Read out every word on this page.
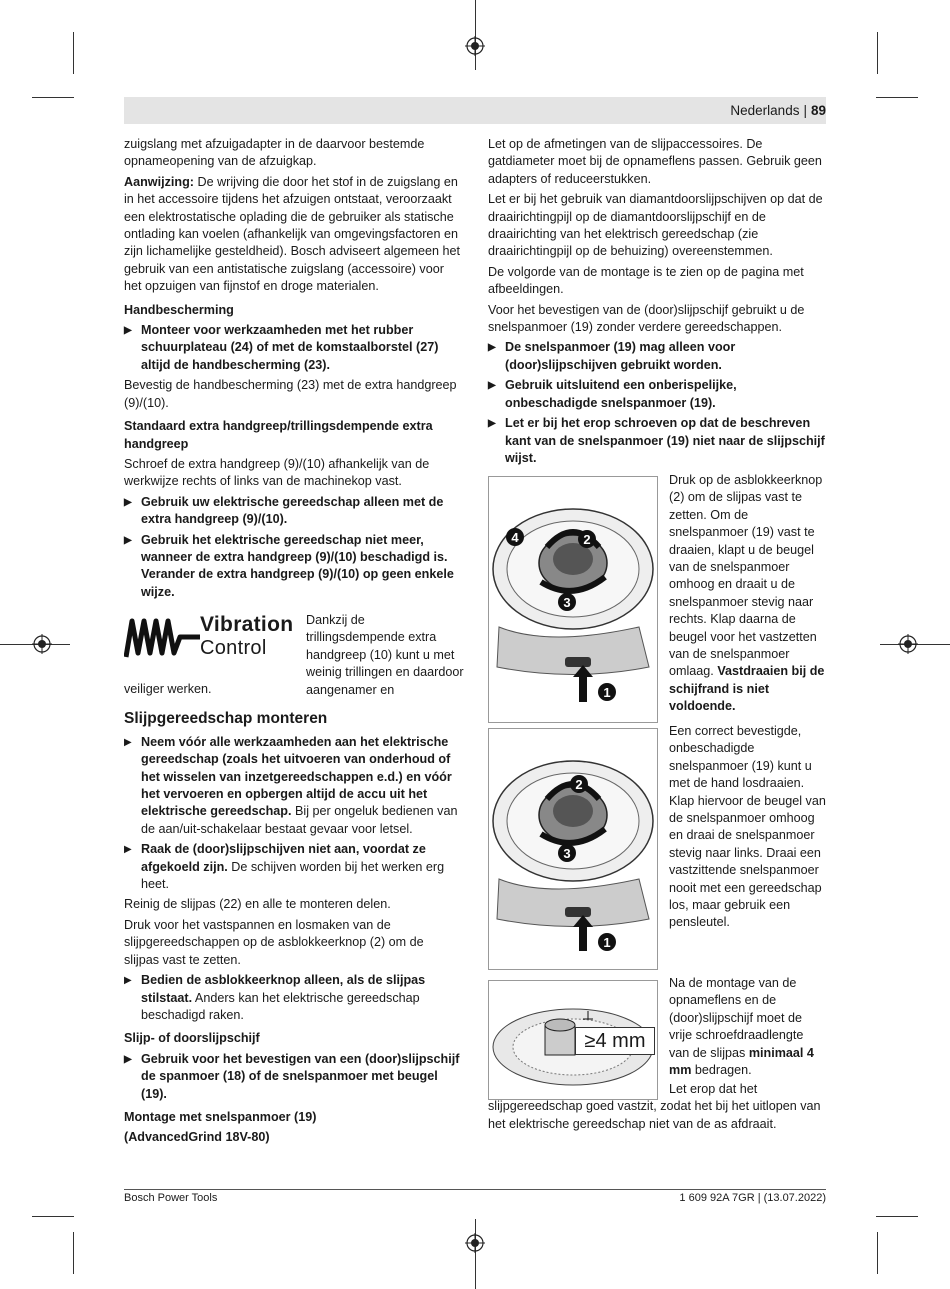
Nederlands | 89

zuigslang met afzuigadapter in de daarvoor bestemde opnameopening van de afzuigkap.

Aanwijzing: De wrijving die door het stof in de zuigslang en in het accessoire tijdens het afzuigen ontstaat, veroorzaakt een elektrostatische oplading die de gebruiker als statische ontlading kan voelen (afhankelijk van omgevingsfactoren en zijn lichamelijke gesteldheid). Bosch adviseert algemeen het gebruik van een antistatische zuigslang (accessoire) voor het opzuigen van fijnstof en droge materialen.

Handbescherming

▶ Monteer voor werkzaamheden met het rubber schuurplateau (24) of met de komstaalborstel (27) altijd de handbescherming (23).

Bevestig de handbescherming (23) met de extra handgreep (9)/(10).

Standaard extra handgreep/trillingsdempende extra handgreep

Schroef de extra handgreep (9)/(10) afhankelijk van de werkwijze rechts of links van de machinekop vast.

▶ Gebruik uw elektrische gereedschap alleen met de extra handgreep (9)/(10).

▶ Gebruik het elektrische gereedschap niet meer, wanneer de extra handgreep (9)/(10) beschadigd is. Verander de extra handgreep (9)/(10) op geen enkele wijze.

Vibration
Control

Dankzij de trillingsdempende extra handgreep (10) kunt u met weinig trillingen en daardoor aangenamer en

veiliger werken.

Slijpgereedschap monteren

▶ Neem vóór alle werkzaamheden aan het elektrische gereedschap (zoals het uitvoeren van onderhoud of het wisselen van inzetgereedschappen e.d.) en vóór het vervoeren en opbergen altijd de accu uit het elektrische gereedschap. Bij per ongeluk bedienen van de aan/uit-schakelaar bestaat gevaar voor letsel.

▶ Raak de (door)slijpschijven niet aan, voordat ze afgekoeld zijn. De schijven worden bij het werken erg heet.

Reinig de slijpas (22) en alle te monteren delen.

Druk voor het vastspannen en losmaken van de slijpgereedschappen op de asblokkeerknop (2) om de slijpas vast te zetten.

▶ Bedien de asblokkeerknop alleen, als de slijpas stilstaat. Anders kan het elektrische gereedschap beschadigd raken.

Slijp- of doorslijpschijf

▶ Gebruik voor het bevestigen van een (door)slijpschijf de spanmoer (18) of de snelspanmoer met beugel (19).

Montage met snelspanmoer (19)

(AdvancedGrind 18V-80)

Let op de afmetingen van de slijpaccessoires. De gatdiameter moet bij de opnameflens passen. Gebruik geen adapters of reduceerstukken.

Let er bij het gebruik van diamantdoorslijpschijven op dat de draairichtingpijl op de diamantdoorslijpschijf en de draairichting van het elektrisch gereedschap (zie draairichtingpijl op de behuizing) overeenstemmen.

De volgorde van de montage is te zien op de pagina met afbeeldingen.

Voor het bevestigen van de (door)slijpschijf gebruikt u de snelspanmoer (19) zonder verdere gereedschappen.

▶ De snelspanmoer (19) mag alleen voor (door)slijpschijven gebruikt worden.

▶ Gebruik uitsluitend een onberispelijke, onbeschadigde snelspanmoer (19).

▶ Let er bij het erop schroeven op dat de beschreven kant van de snelspanmoer (19) niet naar de slijpschijf wijst.

4	2
3
1

Druk op de asblokkeerknop (2) om de slijpas vast te zetten. Om de snelspanmoer (19) vast te draaien, klapt u de beugel van de snelspanmoer omhoog en draait u de snelspanmoer stevig naar rechts. Klap daarna de beugel voor het vastzetten van de snelspanmoer omlaag. Vastdraaien bij de schijfrand is niet voldoende.

2
3
1

Een correct bevestigde, onbeschadigde snelspanmoer (19) kunt u met de hand losdraaien. Klap hiervoor de beugel van de snelspanmoer omhoog en draai de snelspanmoer stevig naar links. Draai een vastzittende snelspanmoer nooit met een gereedschap los, maar gebruik een pensleutel.

≥4 mm

Na de montage van de opnameflens en de (door)slijpschijf moet de vrije schroefdraadlengte van de slijpas minimaal 4 mm bedragen.

Let erop dat het slijpgereedschap goed vastzit, zodat het bij het uitlopen van het elektrische gereedschap niet van de as afdraait.

Bosch Power Tools	1 609 92A 7GR | (13.07.2022)
